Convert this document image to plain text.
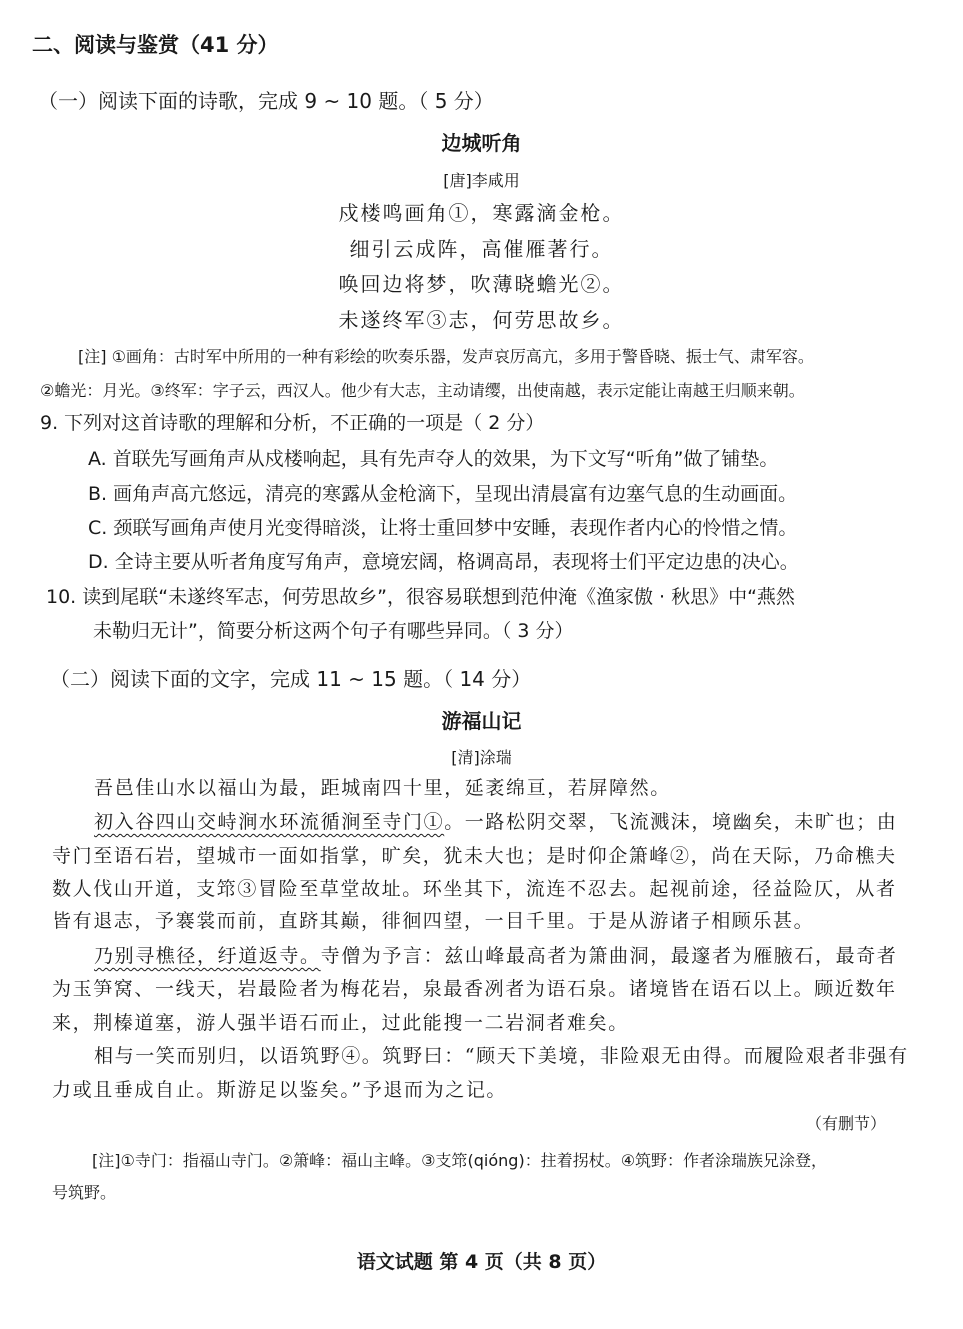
二、阅读与鉴赏（41 分）
（一）阅读下面的诗歌，完成 9 ~ 10 题。（ 5 分）
边城听角
[唐]李咸用
戍楼鸣画角①，寒露滴金枪。
细引云成阵，高催雁著行。
唤回边将梦，吹薄晓蟾光②。
未遂终军③志，何劳思故乡。
[注] ①画角：古时军中所用的一种有彩绘的吹奏乐器，发声哀厉高亢，多用于警昏晓、振士气、肃军容。
②蟾光：月光。③终军：字子云，西汉人。他少有大志，主动请缨，出使南越，表示定能让南越王归顺来朝。
9. 下列对这首诗歌的理解和分析，不正确的一项是（ 2 分）
A. 首联先写画角声从戍楼响起，具有先声夺人的效果，为下文写“听角”做了铺垫。
B. 画角声高亢悠远，清亮的寒露从金枪滴下，呈现出清晨富有边塞气息的生动画面。
C. 颈联写画角声使月光变得暗淡，让将士重回梦中安睡，表现作者内心的怜惜之情。
D. 全诗主要从听者角度写角声，意境宏阔，格调高昂，表现将士们平定边患的决心。
10. 读到尾联“未遂终军志，何劳思故乡”，很容易联想到范仲淹《渔家傲 · 秋思》中“燕然
未勒归无计”，简要分析这两个句子有哪些异同。（ 3 分）
（二）阅读下面的文字，完成 11 ~ 15 题。（ 14 分）
游福山记
[清]涂瑞
吾邑佳山水以福山为最，距城南四十里，延袤绵亘，若屏障然。
初入谷四山交峙涧水环流循涧至寺门①。一路松阴交翠，飞流溅沫，境幽矣，未旷也；由
寺门至语石岩，望城市一面如指掌，旷矣，犹未大也；是时仰企箫峰②，尚在天际，乃命樵夫
数人伐山开道，支筇③冒险至草堂故址。环坐其下，流连不忍去。起视前途，径益险仄，从者
皆有退志，予褰裳而前，直跻其巅，徘徊四望，一目千里。于是从游诸子相顾乐甚。
乃别寻樵径，纡道返寺。寺僧为予言：兹山峰最高者为箫曲洞，最邃者为雁腋石，最奇者
为玉笋窝、一线天，岩最险者为梅花岩，泉最香冽者为语石泉。诸境皆在语石以上。顾近数年
来，荆榛道塞，游人强半语石而止，过此能搜一二岩洞者难矣。
相与一笑而别归，以语筑野④。筑野曰：“顾天下美境，非险艰无由得。而履险艰者非强有
力或且垂成自止。斯游足以鉴矣。”予退而为之记。
（有删节）
[注]①寺门：指福山寺门。②箫峰：福山主峰。③支筇(qióng)：拄着拐杖。④筑野：作者涂瑞族兄涂登，
号筑野。
语文试题 第 4 页（共 8 页）
